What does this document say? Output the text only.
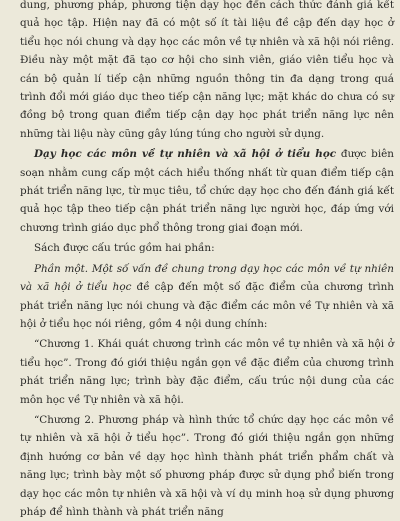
dung, phương pháp, phương tiện dạy học đến cách thức đánh giá kết quả học tập. Hiện nay đã có một số ít tài liệu đề cập đến dạy học ở tiểu học nói chung và dạy học các môn về tự nhiên và xã hội nói riêng. Điều này một mặt đã tạo cơ hội cho sinh viên, giáo viên tiểu học và cán bộ quản lí tiếp cận những nguồn thông tin đa dạng trong quá trình đổi mới giáo dục theo tiếp cận năng lực; mặt khác do chưa có sự đồng bộ trong quan điểm tiếp cận dạy học phát triển năng lực nên những tài liệu này cũng gây lúng túng cho người sử dụng.

Dạy học các môn về tự nhiên và xã hội ở tiểu học được biên soạn nhằm cung cấp một cách hiểu thống nhất từ quan điểm tiếp cận phát triển năng lực, từ mục tiêu, tổ chức dạy học cho đến đánh giá kết quả học tập theo tiếp cận phát triển năng lực người học, đáp ứng với chương trình giáo dục phổ thông trong giai đoạn mới.

Sách được cấu trúc gồm hai phần:

Phần một. Một số vấn đề chung trong dạy học các môn về tự nhiên và xã hội ở tiểu học đề cập đến một số đặc điểm của chương trình phát triển năng lực nói chung và đặc điểm các môn về Tự nhiên và xã hội ở tiểu học nói riêng, gồm 4 nội dung chính:

“Chương 1. Khái quát chương trình các môn về tự nhiên và xã hội ở tiểu học”. Trong đó giới thiệu ngắn gọn về đặc điểm của chương trình phát triển năng lực; trình bày đặc điểm, cấu trúc nội dung của các môn học về Tự nhiên và xã hội.

“Chương 2. Phương pháp và hình thức tổ chức dạy học các môn về tự nhiên và xã hội ở tiểu học”. Trong đó giới thiệu ngắn gọn những định hướng cơ bản về dạy học hình thành phát triển phẩm chất và năng lực; trình bày một số phương pháp được sử dụng phổ biến trong dạy học các môn tự nhiên và xã hội và ví dụ minh hoạ sử dụng phương pháp để hình thành và phát triển năng
